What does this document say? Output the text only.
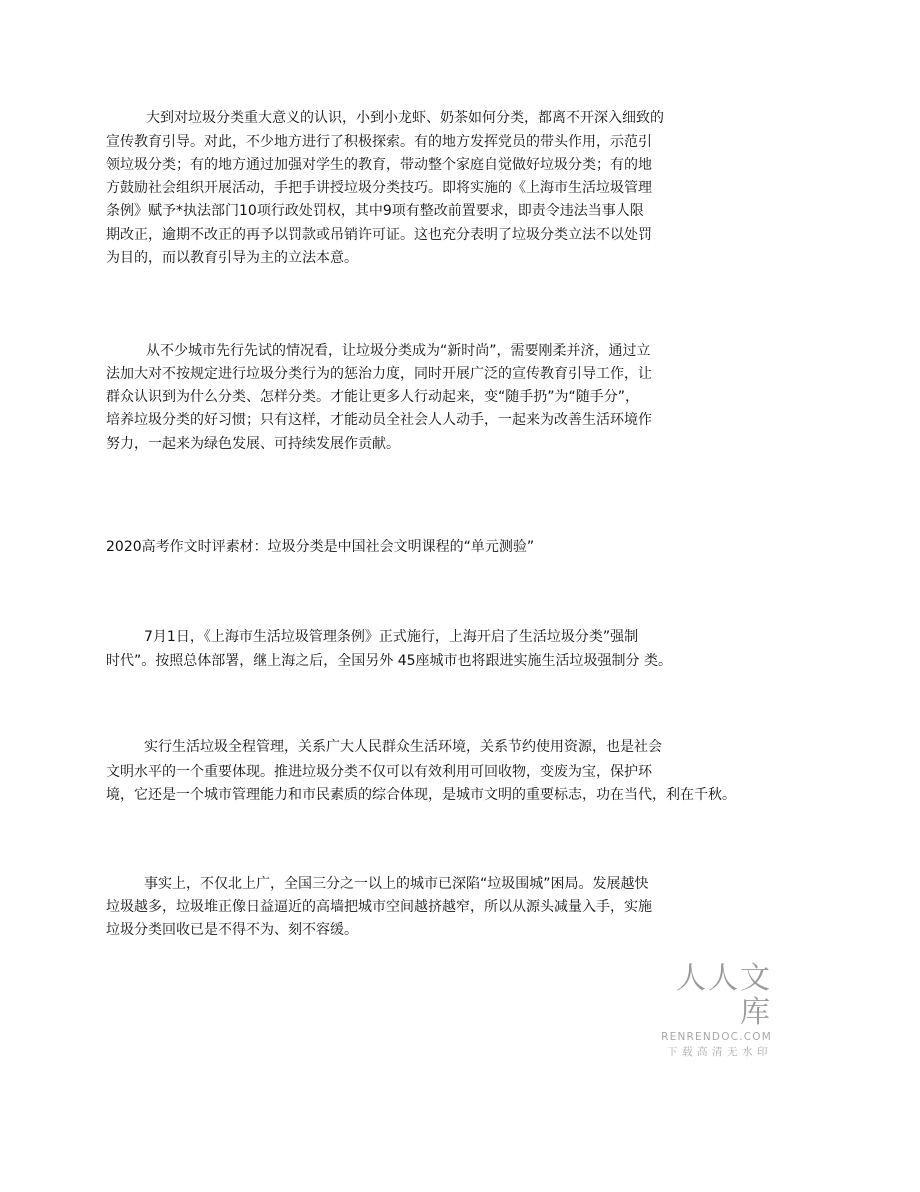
大到对垃圾分类重大意义的认识，小到小龙虾、奶茶如何分类，都离不开深入细致的
宣传教育引导。对此，不少地方进行了积极探索。有的地方发挥党员的带头作用，示范引
领垃圾分类；有的地方通过加强对学生的教育，带动整个家庭自觉做好垃圾分类；有的地
方鼓励社会组织开展活动，手把手讲授垃圾分类技巧。即将实施的《上海市生活垃圾管理
条例》赋予*执法部门10项行政处罚权，其中9项有整改前置要求，即责令违法当事人限
期改正，逾期不改正的再予以罚款或吊销许可证。这也充分表明了垃圾分类立法不以处罚
为目的，而以教育引导为主的立法本意。
从不少城市先行先试的情况看，让垃圾分类成为“新时尚”，需要刚柔并济，通过立
法加大对不按规定进行垃圾分类行为的惩治力度，同时开展广泛的宣传教育引导工作，让
群众认识到为什么分类、怎样分类。才能让更多人行动起来，变“随手扔”为“随手分”，
培养垃圾分类的好习惯；只有这样，才能动员全社会人人动手，一起来为改善生活环境作
努力，一起来为绿色发展、可持续发展作贡献。
2020高考作文时评素材：垃圾分类是中国社会文明课程的“单元测验”
7月1日，《上海市生活垃圾管理条例》正式施行，上海开启了生活垃圾分类”强制
时代”。按照总体部署，继上海之后，全国另外 45座城市也将跟进实施生活垃圾强制分 类。
实行生活垃圾全程管理，关系广大人民群众生活环境，关系节约使用资源，也是社会
文明水平的一个重要体现。推进垃圾分类不仅可以有效利用可回收物，变废为宝，保护环
境，它还是一个城市管理能力和市民素质的综合体现，是城市文明的重要标志，功在当代，利在千秋。
事实上，不仅北上广，全国三分之一以上的城市已深陷“垃圾围城”困局。发展越快
垃圾越多，垃圾堆正像日益逼近的高墙把城市空间越挤越窄，所以从源头减量入手，实施
垃圾分类回收已是不得不为、刻不容缓。
人人文库
RENRENDOC.COM
下载高清无水印
